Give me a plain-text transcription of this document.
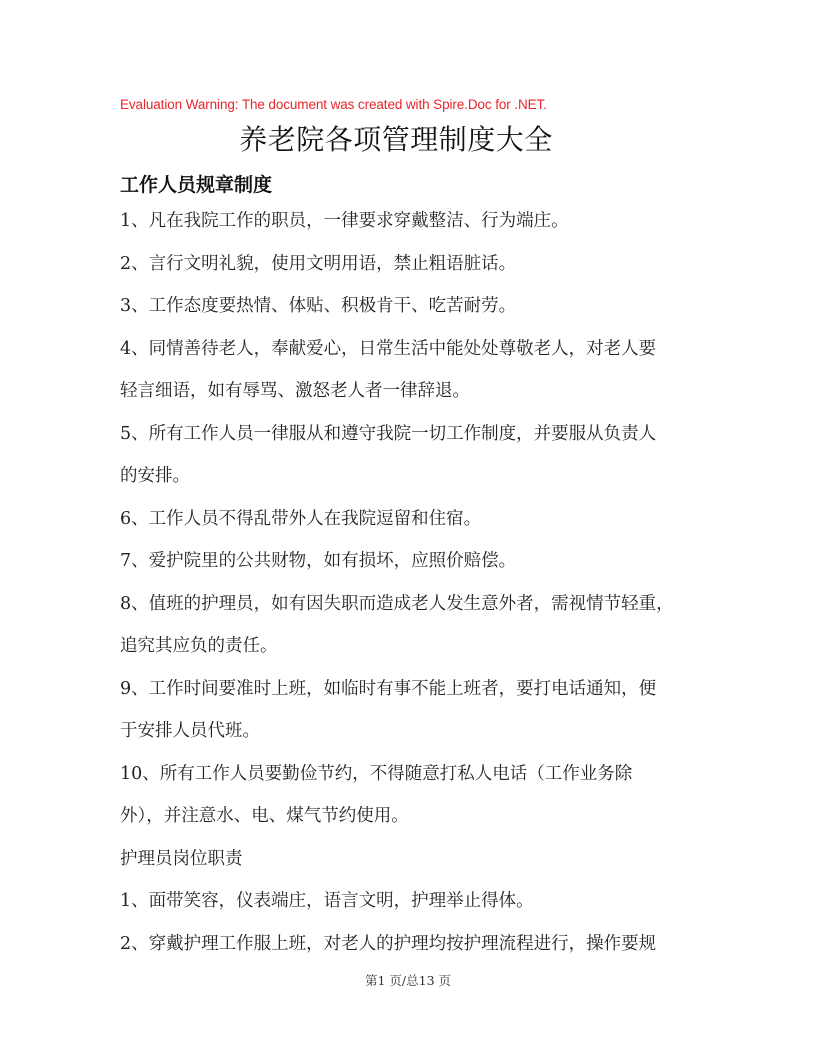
Evaluation Warning: The document was created with Spire.Doc for .NET.
养老院各项管理制度大全
工作人员规章制度
1、凡在我院工作的职员，一律要求穿戴整洁、行为端庄。
2、言行文明礼貌，使用文明用语，禁止粗语脏话。
3、工作态度要热情、体贴、积极肯干、吃苦耐劳。
4、同情善待老人，奉献爱心，日常生活中能处处尊敬老人，对老人要
轻言细语，如有辱骂、激怒老人者一律辞退。
5、所有工作人员一律服从和遵守我院一切工作制度，并要服从负责人
的安排。
6、工作人员不得乱带外人在我院逗留和住宿。
7、爱护院里的公共财物，如有损坏，应照价赔偿。
8、值班的护理员，如有因失职而造成老人发生意外者，需视情节轻重，
追究其应负的责任。
9、工作时间要准时上班，如临时有事不能上班者，要打电话通知，便
于安排人员代班。
10、所有工作人员要勤俭节约，不得随意打私人电话（工作业务除
外），并注意水、电、煤气节约使用。
护理员岗位职责
1、面带笑容，仪表端庄，语言文明，护理举止得体。
2、穿戴护理工作服上班，对老人的护理均按护理流程进行，操作要规
第1 页/总13 页
